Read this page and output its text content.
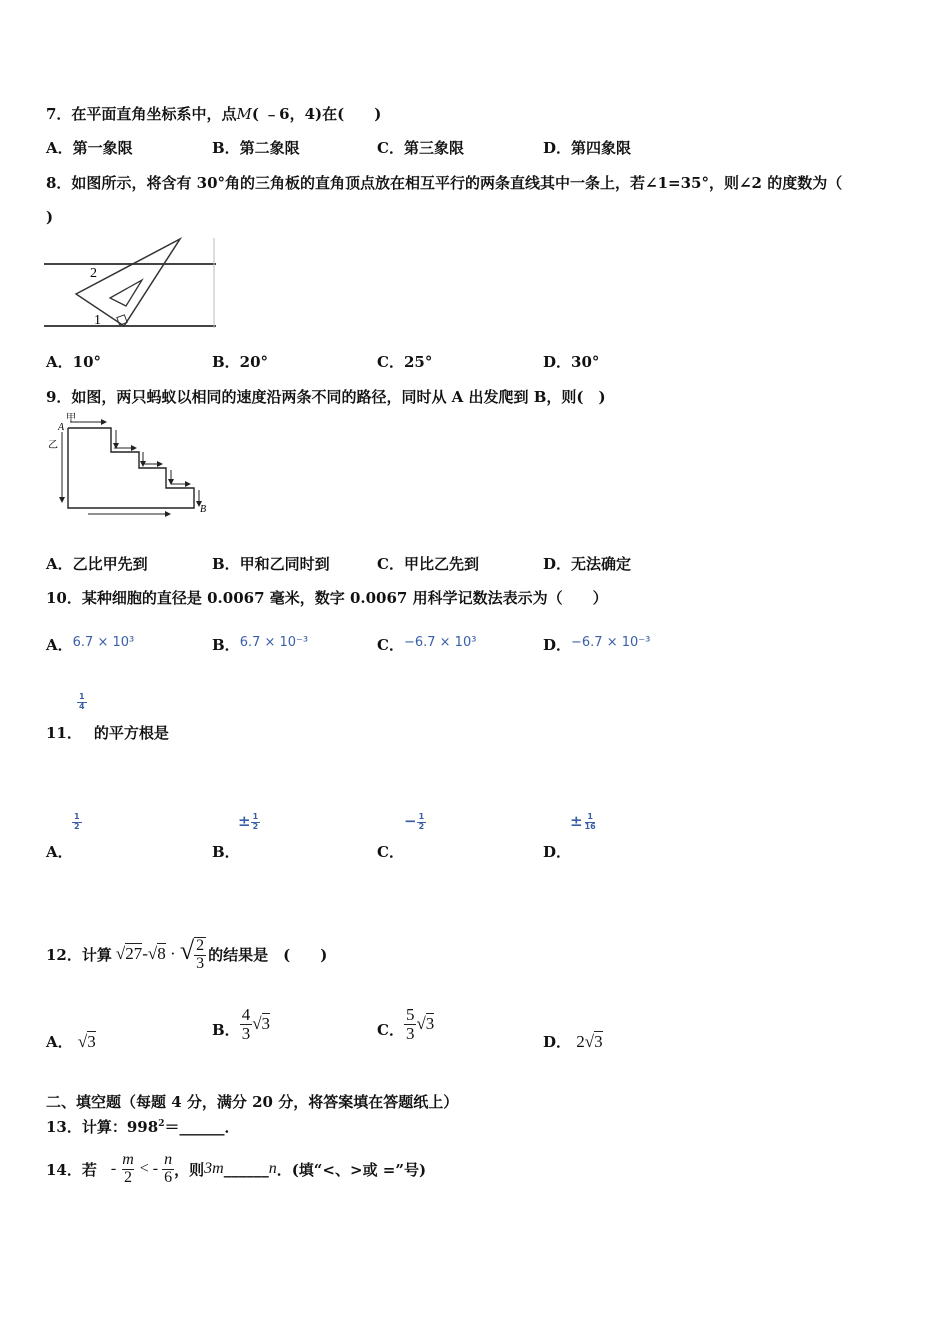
7．在平面直角坐标系中，点M( ﹣6，4)在(　　)
A．第一象限	B．第二象限	C．第三象限	D．第四象限
8．如图所示，将含有 30°角的三角板的直角顶点放在相互平行的两条直线其中一条上，若∠1=35°，则∠2 的度数为（
)
2
1
A．10°	B．20°	C．25°	D．30°
9．如图，两只蚂蚁以相同的速度沿两条不同的路径，同时从 A 出发爬到 B，则(　)
A
甲
乙
B
A．乙比甲先到	B．甲和乙同时到	C．甲比乙先到	D．无法确定
10．某种细胞的直径是 0.0067 毫米，数字 0.0067 用科学记数法表示为（　　）
A．6.7 × 10³	B．6.7 × 10⁻³	C．−6.7 × 10³	D．−6.7 × 10⁻³
$\frac{1}{4}$
11． 的平方根是
A．
$\frac{1}{2}$
B．
± $\frac{1}{2}$
C．
− $\frac{1}{2}$
D．
± $\frac{1}{16}$
12．计算 √27-√8 · √ $\frac{2}{3}$ 的结果是　(　　)
A． √3
B． $\frac{4}{3} √3$	C． $\frac{5}{3} √3$
D． 2√3
二、填空题（每题 4 分，满分 20 分，将答案填在答题纸上）
13．计算：$998^2=\_\_\_\_\_\_$．
14．若 - $\frac{m}{2}$ < - $\frac{n}{6}$ ，则 3m ______ n ．(填“<、>或 =”号)
